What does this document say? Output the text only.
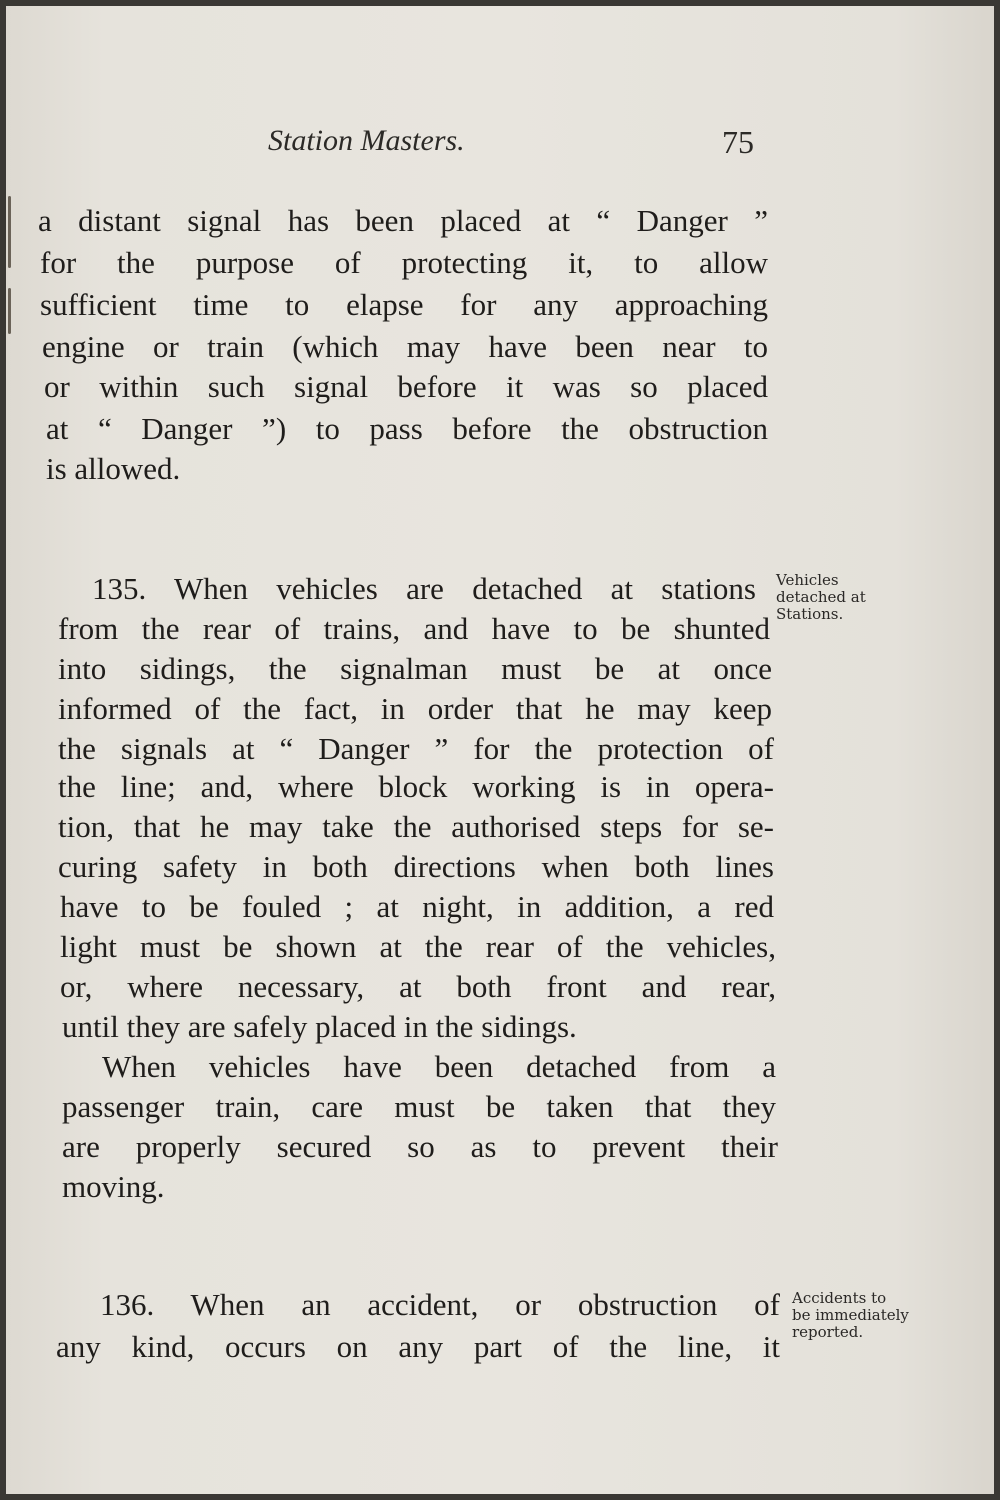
Station Masters.	75
a distant signal has been placed at “ Danger ”
for the purpose of protecting it, to allow
sufficient time to elapse for any approaching
engine or train (which may have been near to
or within such signal before it was so placed
at “ Danger ”) to pass before the obstruction
is allowed.
135. When vehicles are detached at stations
from the rear of trains, and have to be shunted
into sidings, the signalman must be at once
informed of the fact, in order that he may keep
the signals at “ Danger ” for the protection of
the line; and, where block working is in opera-
tion, that he may take the authorised steps for se-
curing safety in both directions when both lines
have to be fouled ; at night, in addition, a red
light must be shown at the rear of the vehicles,
or, where necessary, at both front and rear,
until they are safely placed in the sidings.
When vehicles have been detached from a
passenger train, care must be taken that they
are properly secured so as to prevent their
moving.
136. When an accident, or obstruction of
any kind, occurs on any part of the line, it
Vehicles
detached at
Stations.
Accidents to
be immediately
reported.
